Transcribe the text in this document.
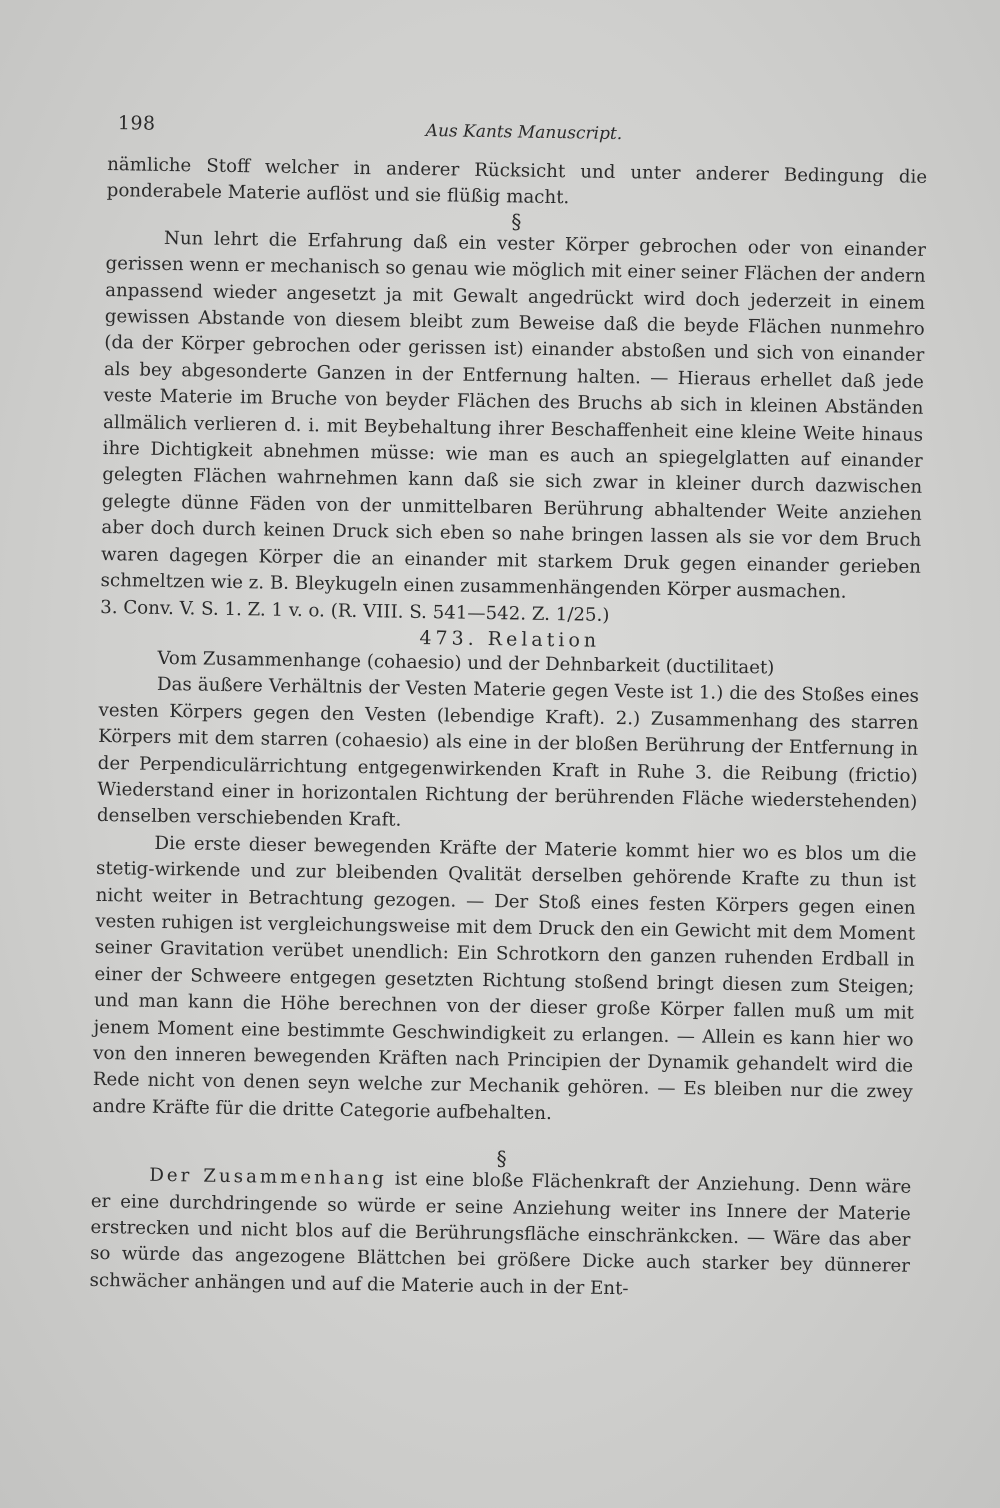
198	Aus Kants Manuscript.

nämliche Stoff welcher in anderer Rücksicht und unter anderer Bedingung die ponderabele Materie auflöst und sie flüßig macht.

§

Nun lehrt die Erfahrung daß ein vester Körper gebrochen oder von einander gerissen wenn er mechanisch so genau wie möglich mit einer seiner Flächen der andern anpassend wieder angesetzt ja mit Gewalt angedrückt wird doch jederzeit in einem gewissen Abstande von diesem bleibt zum Beweise daß die beyde Flächen nunmehro (da der Körper gebrochen oder gerissen ist) einander abstoßen und sich von einander als bey abgesonderte Ganzen in der Entfernung halten. — Hieraus erhellet daß jede veste Materie im Bruche von beyder Flächen des Bruchs ab sich in kleinen Abständen allmälich verlieren d. i. mit Beybehaltung ihrer Beschaffenheit eine kleine Weite hinaus ihre Dichtigkeit abnehmen müsse: wie man es auch an spiegelglatten auf einander gelegten Flächen wahrnehmen kann daß sie sich zwar in kleiner durch dazwischen gelegte dünne Fäden von der unmittelbaren Berührung abhaltender Weite anziehen aber doch durch keinen Druck sich eben so nahe bringen lassen als sie vor dem Bruch waren dagegen Körper die an einander mit starkem Druk gegen einander gerieben schmeltzen wie z. B. Bleykugeln einen zusammenhängenden Körper ausmachen.

3. Conv. V. S. 1. Z. 1 v. o. (R. VIII. S. 541—542. Z. 1/25.)

473. Relation

Vom Zusammenhange (cohaesio) und der Dehnbarkeit (ductilitaet)

Das äußere Verhältnis der Vesten Materie gegen Veste ist 1.) die des Stoßes eines vesten Körpers gegen den Vesten (lebendige Kraft). 2.) Zusammenhang des starren Körpers mit dem starren (cohaesio) als eine in der bloßen Berührung der Entfernung in der Perpendiculärrichtung entgegenwirkenden Kraft in Ruhe 3. die Reibung (frictio) Wiederstand einer in horizontalen Richtung der berührenden Fläche wiederstehenden) denselben verschiebenden Kraft.

Die erste dieser bewegenden Kräfte der Materie kommt hier wo es blos um die stetig-wirkende und zur bleibenden Qvalität derselben gehörende Krafte zu thun ist nicht weiter in Betrachtung gezogen. — Der Stoß eines festen Körpers gegen einen vesten ruhigen ist vergleichungsweise mit dem Druck den ein Gewicht mit dem Moment seiner Gravitation verübet unendlich: Ein Schrotkorn den ganzen ruhenden Erdball in einer der Schweere entgegen gesetzten Richtung stoßend bringt diesen zum Steigen; und man kann die Höhe berechnen von der dieser große Körper fallen muß um mit jenem Moment eine bestimmte Geschwindigkeit zu erlangen. — Allein es kann hier wo von den inneren bewegenden Kräften nach Principien der Dynamik gehandelt wird die Rede nicht von denen seyn welche zur Mechanik gehören. — Es bleiben nur die zwey andre Kräfte für die dritte Categorie aufbehalten.

§

Der Zusammenhang ist eine bloße Flächenkraft der Anziehung. Denn wäre er eine durchdringende so würde er seine Anziehung weiter ins Innere der Materie erstrecken und nicht blos auf die Berührungsfläche einschränkcken. — Wäre das aber so würde das angezogene Blättchen bei größere Dicke auch starker bey dünnerer schwächer anhängen und auf die Materie auch in der Ent-
